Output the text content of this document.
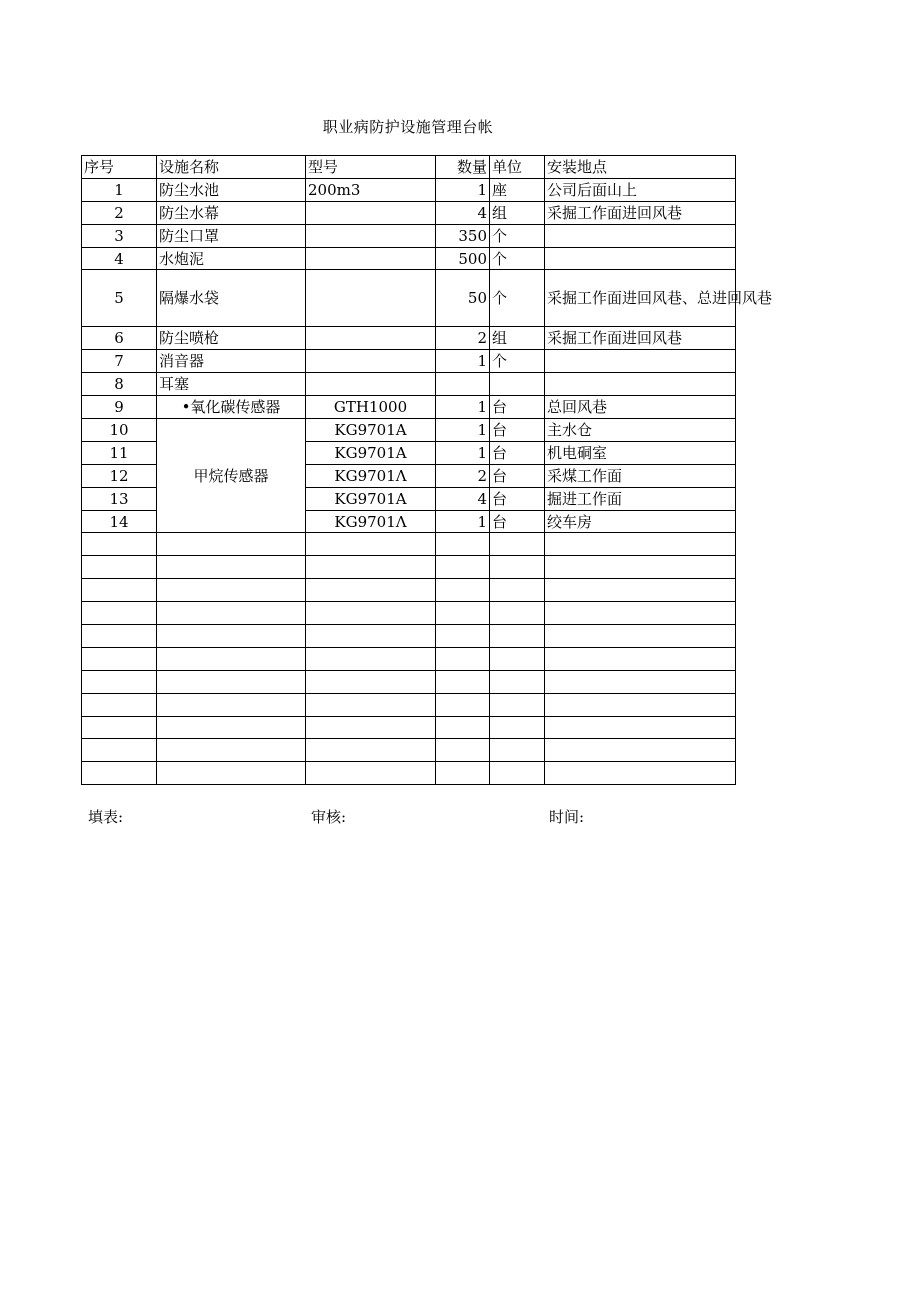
职业病防护设施管理台帐
序号	设施名称	型号	数量	单位	安装地点
1	防尘水池	200m3	1	座	公司后面山上
2	防尘水幕		4	组	采掘工作面进回风巷
3	防尘口罩		350	个	
4	水炮泥		500	个	
5	隔爆水袋		50	个	采掘工作面进回风巷、总进回风巷
6	防尘喷枪		2	组	采掘工作面进回风巷
7	消音器		1	个	
8	耳塞				
9	•氧化碳传感器	GTH1000	1	台	总回风巷
10	甲烷传感器	KG9701A	1	台	主水仓
11		KG9701A	1	台	机电硐室
12		KG9701Λ	2	台	采煤工作面
13		KG9701A	4	台	掘进工作面
14		KG9701Λ	1	台	绞车房

填表:	审核:	时间:
